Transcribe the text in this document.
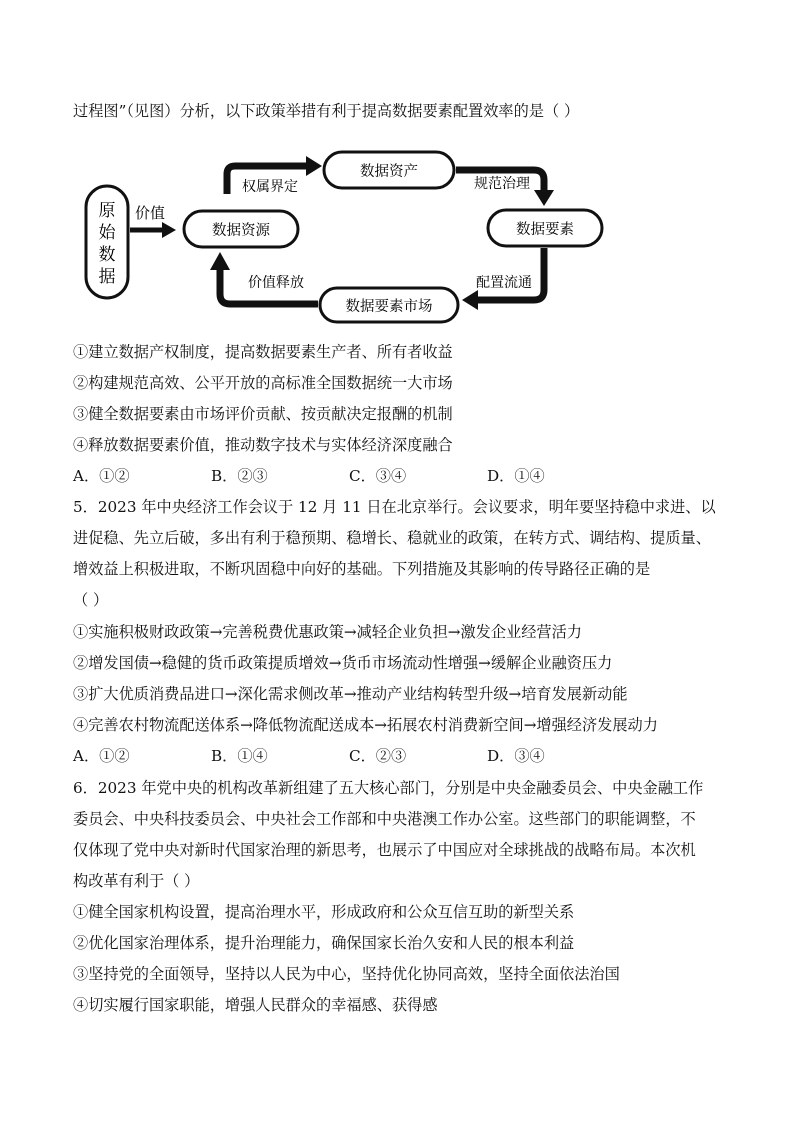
过程图”（见图）分析，以下政策举措有利于提高数据要素配置效率的是（ ）
原
始
数
据
价值
数据资源
数据资产
数据要素
数据要素市场
权属界定	规范治理
配置流通
价值释放
①建立数据产权制度，提高数据要素生产者、所有者收益
②构建规范高效、公平开放的高标准全国数据统一大市场
③健全数据要素由市场评价贡献、按贡献决定报酬的机制
④释放数据要素价值，推动数字技术与实体经济深度融合
A．①②	B．②③	C．③④	D．①④
5．2023 年中央经济工作会议于 12 月 11 日在北京举行。会议要求，明年要坚持稳中求进、以
进促稳、先立后破，多出有利于稳预期、稳增长、稳就业的政策，在转方式、调结构、提质量、
增效益上积极进取，不断巩固稳中向好的基础。下列措施及其影响的传导路径正确的是
（ ）
①实施积极财政政策→完善税费优惠政策→减轻企业负担→激发企业经营活力
②增发国债→稳健的货币政策提质增效→货币市场流动性增强→缓解企业融资压力
③扩大优质消费品进口→深化需求侧改革→推动产业结构转型升级→培育发展新动能
④完善农村物流配送体系→降低物流配送成本→拓展农村消费新空间→增强经济发展动力
A．①②	B．①④	C．②③	D．③④
6．2023 年党中央的机构改革新组建了五大核心部门，分别是中央金融委员会、中央金融工作
委员会、中央科技委员会、中央社会工作部和中央港澳工作办公室。这些部门的职能调整，不
仅体现了党中央对新时代国家治理的新思考，也展示了中国应对全球挑战的战略布局。本次机
构改革有利于（ ）
①健全国家机构设置，提高治理水平，形成政府和公众互信互助的新型关系
②优化国家治理体系，提升治理能力，确保国家长治久安和人民的根本利益
③坚持党的全面领导，坚持以人民为中心，坚持优化协同高效，坚持全面依法治国
④切实履行国家职能，增强人民群众的幸福感、获得感
